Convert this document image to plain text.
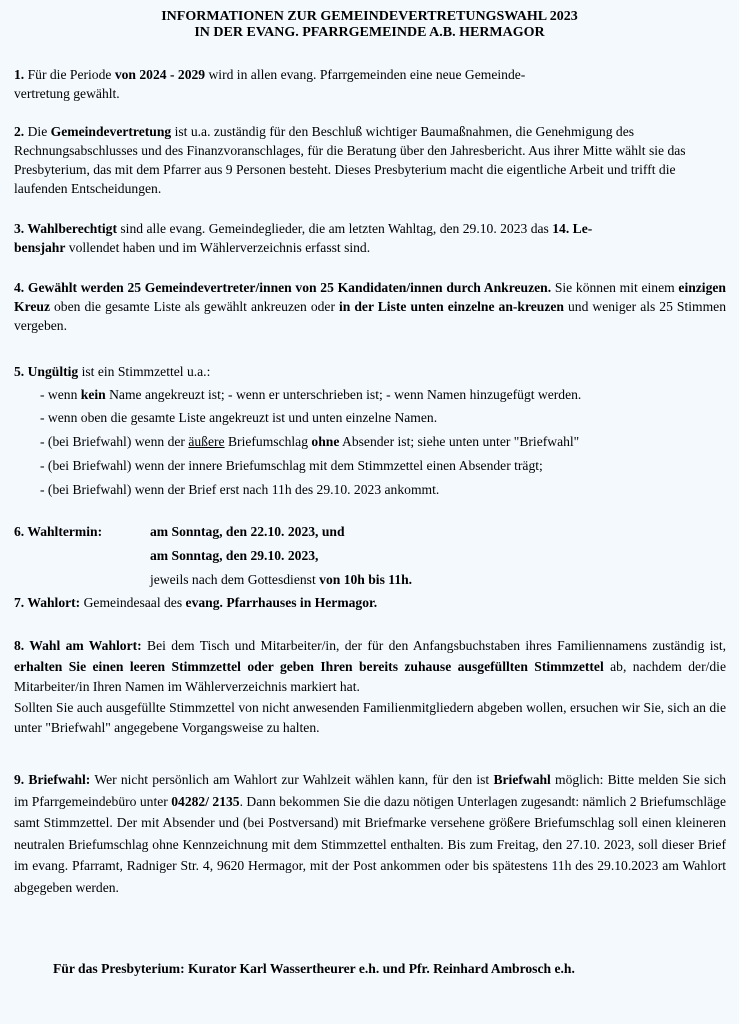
INFORMATIONEN ZUR GEMEINDEVERTRETUNGSWAHL 2023
IN DER EVANG. PFARRGEMEINDE A.B. HERMAGOR
1. Für die Periode von 2024 - 2029 wird in allen evang. Pfarrgemeinden eine neue Gemeinde-
vertretung gewählt.
2. Die Gemeindevertretung ist u.a. zuständig für den Beschluß wichtiger Baumaßnahmen, die Genehmigung des Rechnungsabschlusses und des Finanzvoranschlages, für die Beratung über den Jahresbericht. Aus ihrer Mitte wählt sie das Presbyterium, das mit dem Pfarrer aus 9 Personen besteht. Dieses Presbyterium macht die eigentliche Arbeit und trifft die laufenden Entscheidungen.
3. Wahlberechtigt sind alle evang. Gemeindeglieder, die am letzten Wahltag, den 29.10. 2023 das 14. Le-
bensjahr vollendet haben und im Wählerverzeichnis erfasst sind.
4. Gewählt werden 25 Gemeindevertreter/innen von 25 Kandidaten/innen durch Ankreuzen. Sie können mit einem einzigen Kreuz oben die gesamte Liste als gewählt ankreuzen oder in der Liste unten einzelne an-kreuzen und weniger als 25 Stimmen vergeben.
5. Ungültig ist ein Stimmzettel u.a.:
- wenn kein Name angekreuzt ist; - wenn er unterschrieben ist; - wenn Namen hinzugefügt werden.
- wenn oben die gesamte Liste angekreuzt ist und unten einzelne Namen.
- (bei Briefwahl) wenn der äußere Briefumschlag ohne Absender ist; siehe unten unter "Briefwahl"
- (bei Briefwahl) wenn der innere Briefumschlag mit dem Stimmzettel einen Absender trägt;
- (bei Briefwahl) wenn der Brief erst nach 11h des 29.10. 2023 ankommt.
6. Wahltermin:	am Sonntag, den 22.10. 2023, und
am Sonntag, den 29.10. 2023,
jeweils nach dem Gottesdienst von 10h bis 11h.
7. Wahlort: Gemeindesaal des evang. Pfarrhauses in Hermagor.
8. Wahl am Wahlort: Bei dem Tisch und Mitarbeiter/in, der für den Anfangsbuchstaben ihres Familiennamens zuständig ist, erhalten Sie einen leeren Stimmzettel oder geben Ihren bereits zuhause ausgefüllten Stimmzettel ab, nachdem der/die Mitarbeiter/in Ihren Namen im Wählerverzeichnis markiert hat.
Sollten Sie auch ausgefüllte Stimmzettel von nicht anwesenden Familienmitgliedern abgeben wollen, ersuchen wir Sie, sich an die unter "Briefwahl" angegebene Vorgangsweise zu halten.
9. Briefwahl: Wer nicht persönlich am Wahlort zur Wahlzeit wählen kann, für den ist Briefwahl möglich: Bitte melden Sie sich im Pfarrgemeindebüro unter 04282/ 2135. Dann bekommen Sie die dazu nötigen Unterlagen zugesandt: nämlich 2 Briefumschläge samt Stimmzettel. Der mit Absender und (bei Postversand) mit Briefmarke versehene größere Briefumschlag soll einen kleineren neutralen Briefumschlag ohne Kennzeichnung mit dem Stimmzettel enthalten. Bis zum Freitag, den 27.10. 2023, soll dieser Brief im evang. Pfarramt, Radniger Str. 4, 9620 Hermagor, mit der Post ankommen oder bis spätestens 11h des 29.10.2023 am Wahlort abgegeben werden.
Für das Presbyterium: Kurator Karl Wassertheurer e.h. und Pfr. Reinhard Ambrosch e.h.
